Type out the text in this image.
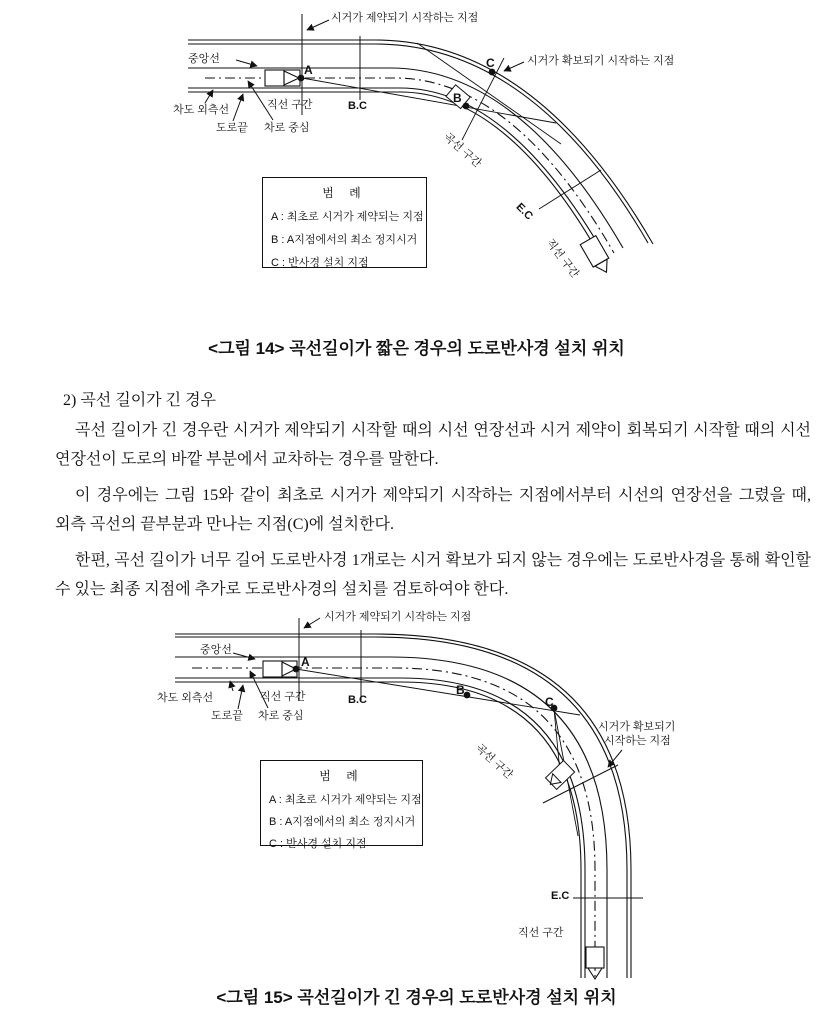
시거가 제약되기 시작하는 지점
시거가 확보되기 시작하는 지점
중앙선
차도 외측선
도로끝 차로 중심
직선 구간	B.C
곡선 구간
E.C
직선 구간
A
B
C
범 례
A : 최초로 시거가 제약되는 지점
B : A지점에서의 최소 정지시거
C : 반사경 설치 지점
<그림 14> 곡선길이가 짧은 경우의 도로반사경 설치 위치

2) 곡선 길이가 긴 경우

곡선 길이가 긴 경우란 시거가 제약되기 시작할 때의 시선 연장선과 시거 제약이 회복되기 시작할 때의 시선 연장선이 도로의 바깥 부분에서 교차하는 경우를 말한다.

이 경우에는 그림 15와 같이 최초로 시거가 제약되기 시작하는 지점에서부터 시선의 연장선을 그렸을 때, 외측 곡선의 끝부분과 만나는 지점(C)에 설치한다.

한편, 곡선 길이가 너무 길어 도로반사경 1개로는 시거 확보가 되지 않는 경우에는 도로반사경을 통해 확인할 수 있는 최종 지점에 추가로 도로반사경의 설치를 검토하여야 한다.

시거가 제약되기 시작하는 지점
시거가 확보되기
시작하는 지점
중앙선
차도 외측선
도로끝 차로 중심
직선 구간	B.C
곡선 구간
E.C
직선 구간
A
B
C
범 례
A : 최초로 시거가 제약되는 지점
B : A지점에서의 최소 정지시거
C : 반사경 설치 지점
<그림 15> 곡선길이가 긴 경우의 도로반사경 설치 위치
